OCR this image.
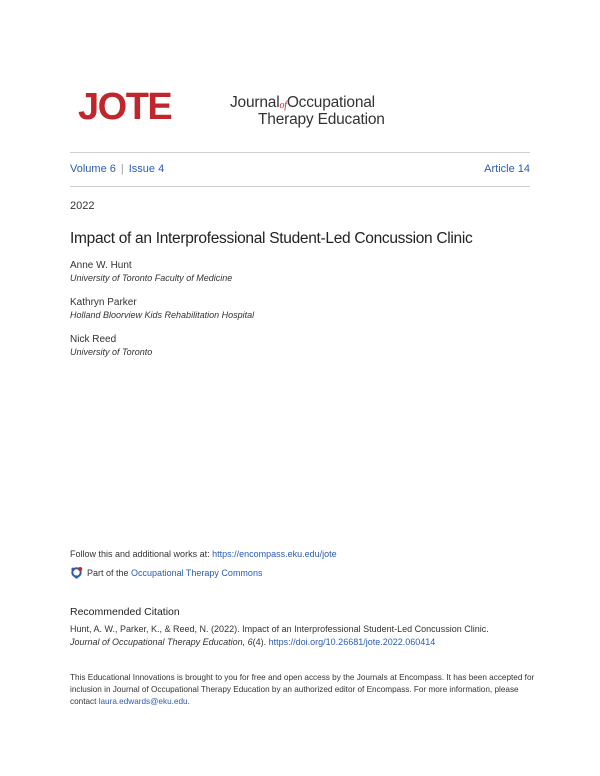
JOTE	JournalofOccupational
Therapy Education
Volume 6 | Issue 4	Article 14
2022
Impact of an Interprofessional Student-Led Concussion Clinic
Anne W. Hunt
University of Toronto Faculty of Medicine
Kathryn Parker
Holland Bloorview Kids Rehabilitation Hospital
Nick Reed
University of Toronto
Follow this and additional works at: https://encompass.eku.edu/jote
Part of the
Occupational Therapy Commons
Recommended Citation
Hunt, A. W., Parker, K., & Reed, N. (2022). Impact of an Interprofessional Student-Led Concussion Clinic.
Journal of Occupational Therapy Education, 6(4). https://doi.org/10.26681/jote.2022.060414
This Educational Innovations is brought to you for free and open access by the Journals at Encompass. It has been accepted for inclusion in Journal of Occupational Therapy Education by an authorized editor of Encompass. For more information, please contact laura.edwards@eku.edu.
